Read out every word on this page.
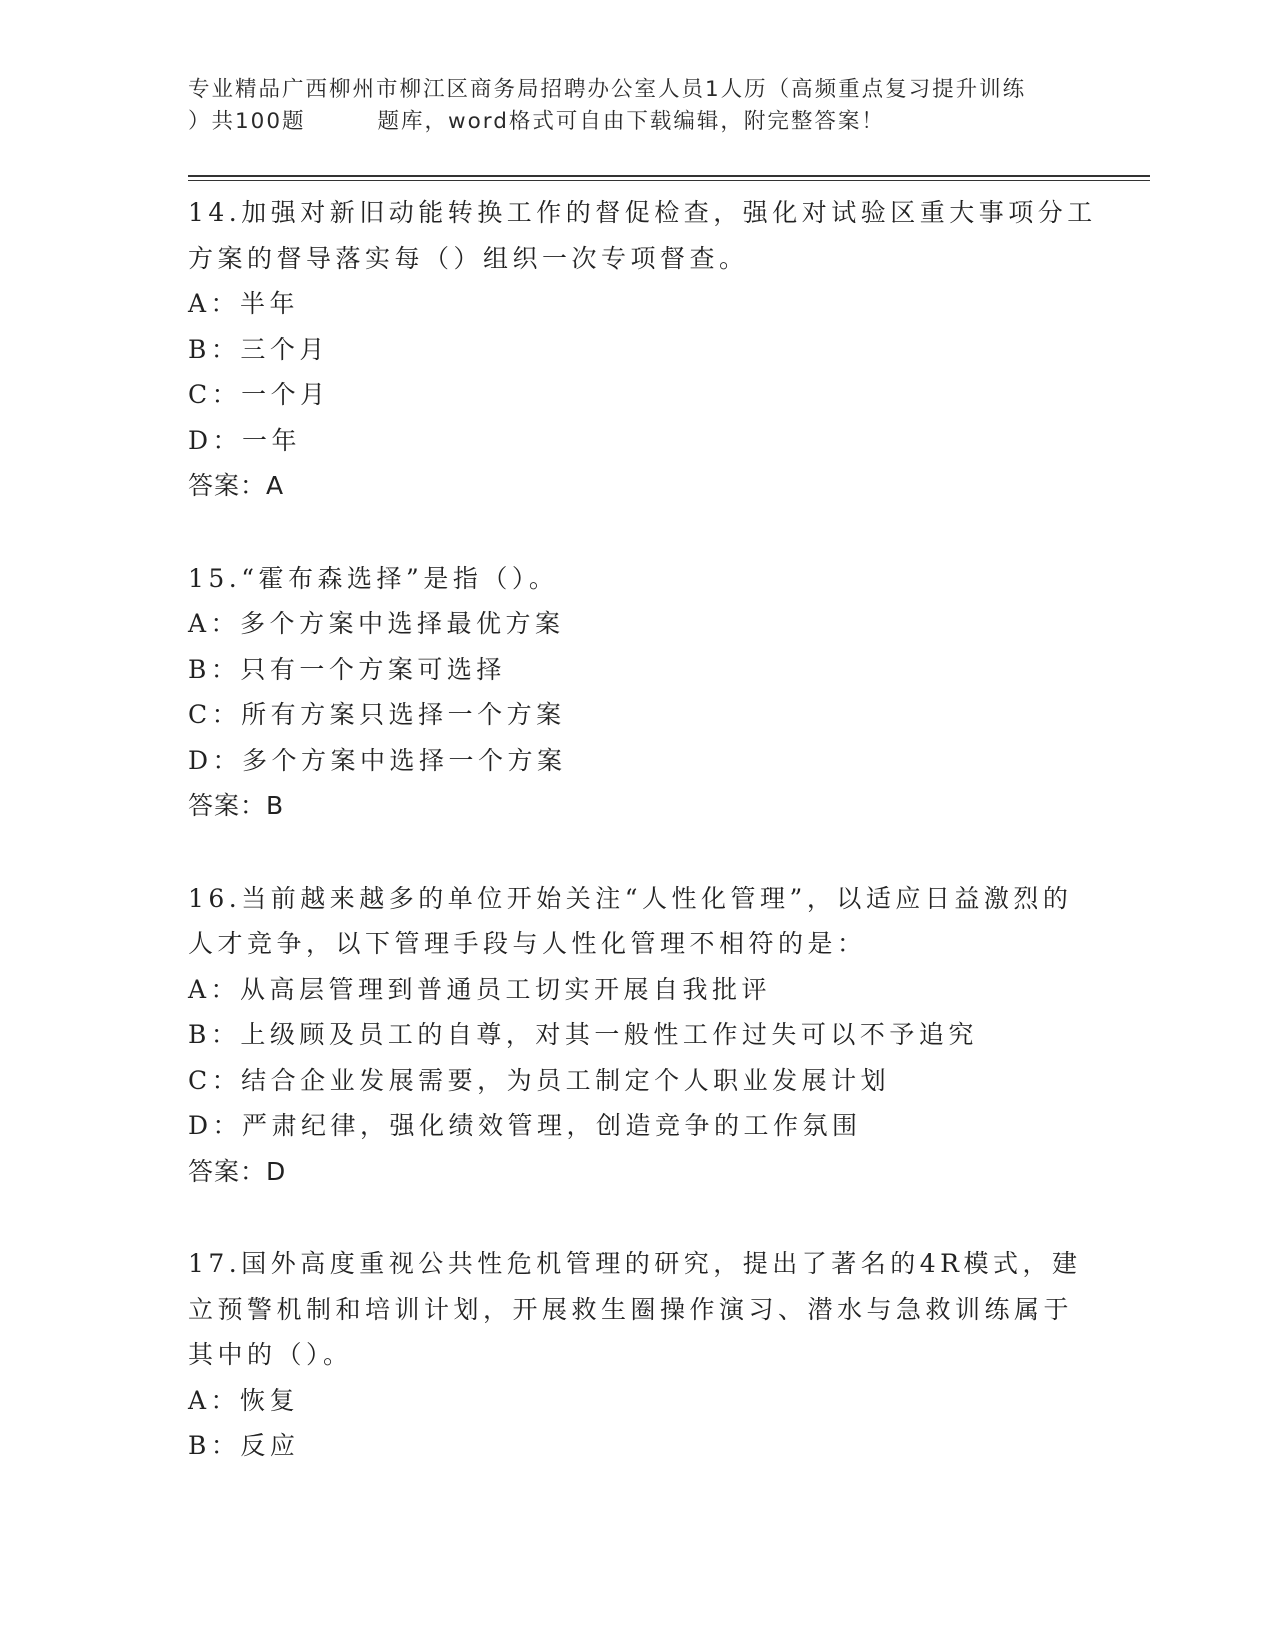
专业精品广西柳州市柳江区商务局招聘办公室人员1人历（高频重点复习提升训练
）共100题	题库，word格式可自由下载编辑，附完整答案！
14.加强对新旧动能转换工作的督促检查，强化对试验区重大事项分工
方案的督导落实每（）组织一次专项督查。
A：半年
B：三个月
C：一个月
D：一年
答案：A
15.“霍布森选择”是指（）。
A：多个方案中选择最优方案
B：只有一个方案可选择
C：所有方案只选择一个方案
D：多个方案中选择一个方案
答案：B
16.当前越来越多的单位开始关注“人性化管理”，以适应日益激烈的
人才竞争，以下管理手段与人性化管理不相符的是：
A：从高层管理到普通员工切实开展自我批评
B：上级顾及员工的自尊，对其一般性工作过失可以不予追究
C：结合企业发展需要，为员工制定个人职业发展计划
D：严肃纪律，强化绩效管理，创造竞争的工作氛围
答案：D
17.国外高度重视公共性危机管理的研究，提出了著名的4R模式，建
立预警机制和培训计划，开展救生圈操作演习、潜水与急救训练属于
其中的（）。
A：恢复
B：反应
